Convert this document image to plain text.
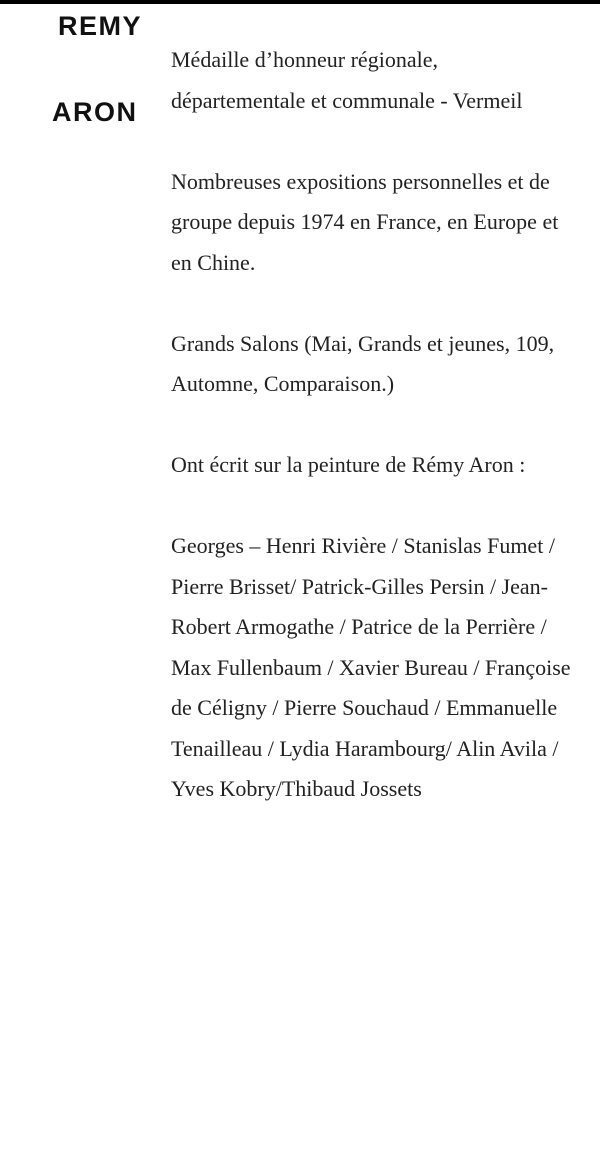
REMY
ARON

Médaille d’honneur régionale, départementale et communale - Vermeil

Nombreuses expositions personnelles et de groupe depuis 1974 en France, en Europe et en Chine.

Grands Salons (Mai, Grands et jeunes, 109, Automne, Comparaison.)

Ont écrit sur la peinture de Rémy Aron :

Georges – Henri Rivière / Stanislas Fumet / Pierre Brisset/ Patrick-Gilles Persin / Jean-Robert Armogathe / Patrice de la Perrière / Max Fullenbaum / Xavier Bureau / Françoise de Céligny / Pierre Souchaud / Emmanuelle Tenailleau / Lydia Harambourg/ Alin Avila / Yves Kobry/Thibaud Jossets
